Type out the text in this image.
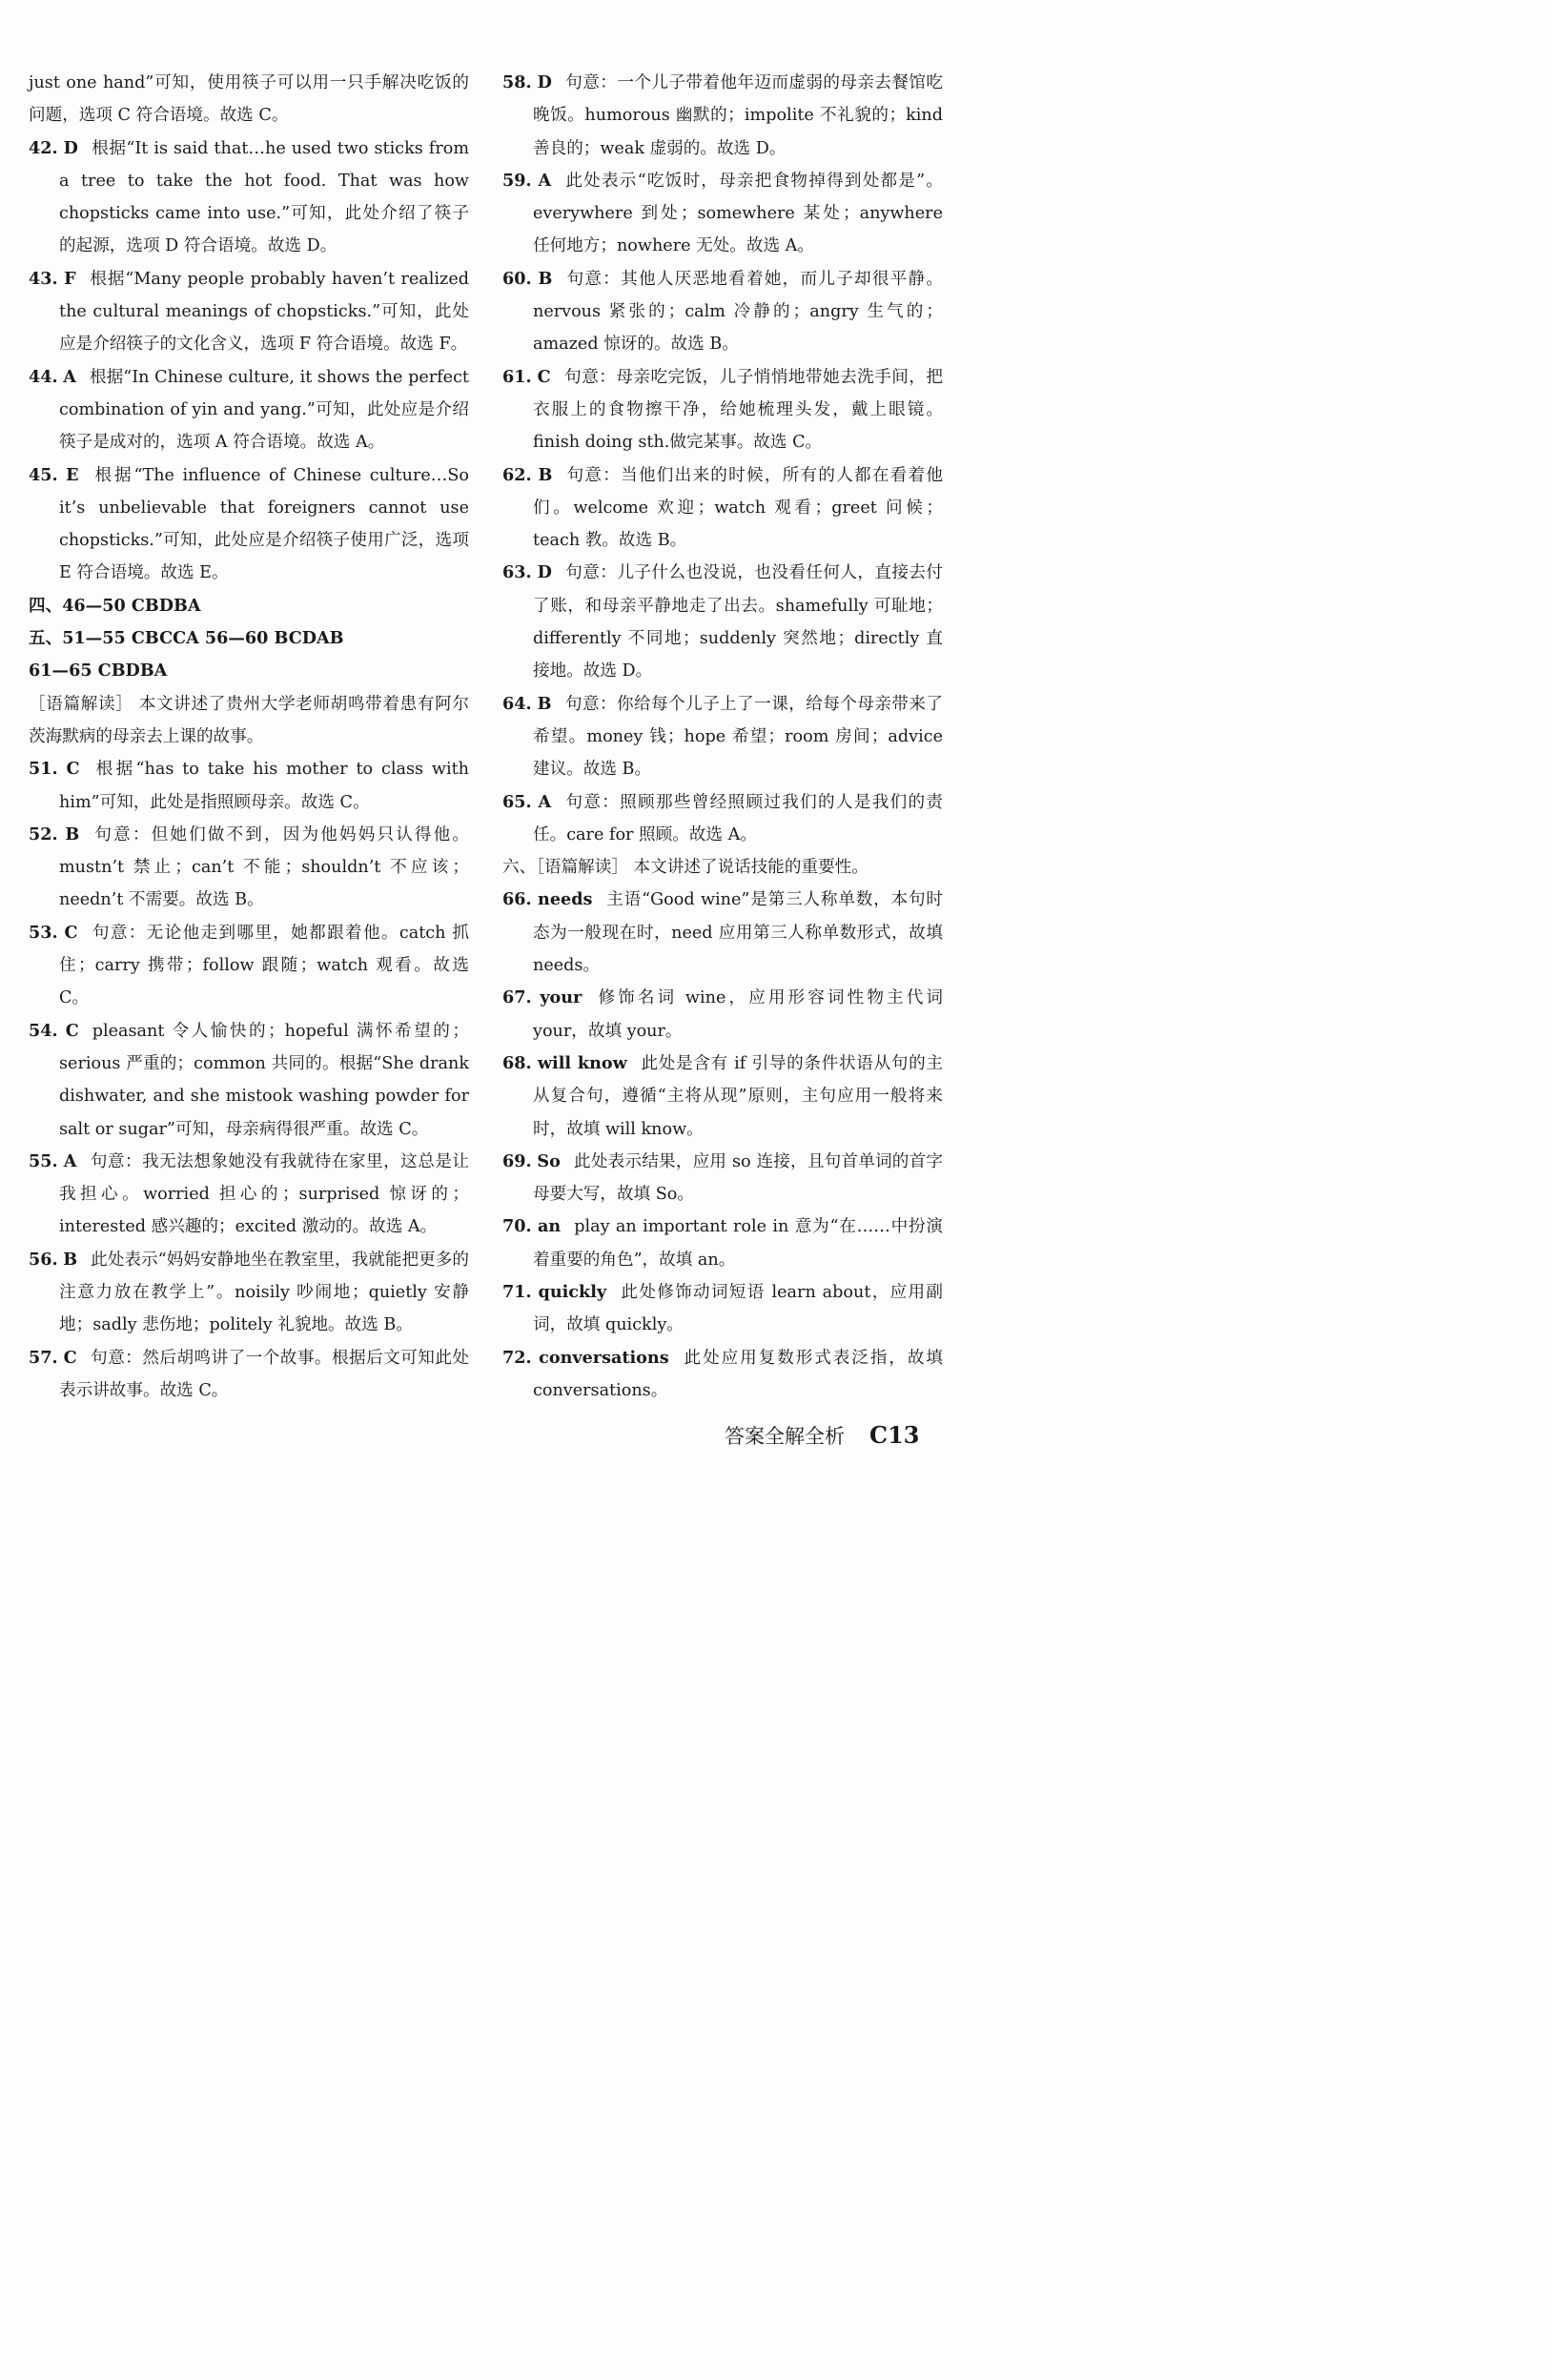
just one hand”可知，使用筷子可以用一只手解决吃饭的问题，选项 C 符合语境。故选 C。
42. D 根据“It is said that…he used two sticks from a tree to take the hot food. That was how chopsticks came into use.”可知，此处介绍了筷子的起源，选项 D 符合语境。故选 D。
43. F 根据“Many people probably haven’t realized the cultural meanings of chopsticks.”可知，此处应是介绍筷子的文化含义，选项 F 符合语境。故选 F。
44. A 根据“In Chinese culture, it shows the perfect combination of yin and yang.”可知，此处应是介绍筷子是成对的，选项 A 符合语境。故选 A。
45. E 根据“The influence of Chinese culture…So it’s unbelievable that foreigners cannot use chopsticks.”可知，此处应是介绍筷子使用广泛，选项 E 符合语境。故选 E。
四、46—50 CBDBA
五、51—55 CBCCA 56—60 BCDAB
61—65 CBDBA
［语篇解读］ 本文讲述了贵州大学老师胡鸣带着患有阿尔茨海默病的母亲去上课的故事。
51. C 根据“has to take his mother to class with him”可知，此处是指照顾母亲。故选 C。
52. B 句意：但她们做不到，因为他妈妈只认得他。mustn’t 禁止；can’t 不能；shouldn’t 不应该；needn’t 不需要。故选 B。
53. C 句意：无论他走到哪里，她都跟着他。catch 抓住；carry 携带；follow 跟随；watch 观看。故选 C。
54. C pleasant 令人愉快的；hopeful 满怀希望的；serious 严重的；common 共同的。根据“She drank dishwater, and she mistook washing powder for salt or sugar”可知，母亲病得很严重。故选 C。
55. A 句意：我无法想象她没有我就待在家里，这总是让我担心。worried 担心的；surprised 惊讶的；interested 感兴趣的；excited 激动的。故选 A。
56. B 此处表示“妈妈安静地坐在教室里，我就能把更多的注意力放在教学上”。noisily 吵闹地；quietly 安静地；sadly 悲伤地；politely 礼貌地。故选 B。
57. C 句意：然后胡鸣讲了一个故事。根据后文可知此处表示讲故事。故选 C。
58. D 句意：一个儿子带着他年迈而虚弱的母亲去餐馆吃晚饭。humorous 幽默的；impolite 不礼貌的；kind 善良的；weak 虚弱的。故选 D。
59. A 此处表示“吃饭时，母亲把食物掉得到处都是”。everywhere 到处；somewhere 某处；anywhere 任何地方；nowhere 无处。故选 A。
60. B 句意：其他人厌恶地看着她，而儿子却很平静。nervous 紧张的；calm 冷静的；angry 生气的；amazed 惊讶的。故选 B。
61. C 句意：母亲吃完饭，儿子悄悄地带她去洗手间，把衣服上的食物擦干净，给她梳理头发，戴上眼镜。finish doing sth.做完某事。故选 C。
62. B 句意：当他们出来的时候，所有的人都在看着他们。welcome 欢迎；watch 观看；greet 问候；teach 教。故选 B。
63. D 句意：儿子什么也没说，也没看任何人，直接去付了账，和母亲平静地走了出去。shamefully 可耻地；differently 不同地；suddenly 突然地；directly 直接地。故选 D。
64. B 句意：你给每个儿子上了一课，给每个母亲带来了希望。money 钱；hope 希望；room 房间；advice 建议。故选 B。
65. A 句意：照顾那些曾经照顾过我们的人是我们的责任。care for 照顾。故选 A。
六、［语篇解读］ 本文讲述了说话技能的重要性。
66. needs 主语“Good wine”是第三人称单数，本句时态为一般现在时，need 应用第三人称单数形式，故填 needs。
67. your 修饰名词 wine，应用形容词性物主代词 your，故填 your。
68. will know 此处是含有 if 引导的条件状语从句的主从复合句，遵循“主将从现”原则，主句应用一般将来时，故填 will know。
69. So 此处表示结果，应用 so 连接，且句首单词的首字母要大写，故填 So。
70. an play an important role in 意为“在……中扮演着重要的角色”，故填 an。
71. quickly 此处修饰动词短语 learn about，应用副词，故填 quickly。
72. conversations 此处应用复数形式表泛指，故填 conversations。
答案全解全析 C13
